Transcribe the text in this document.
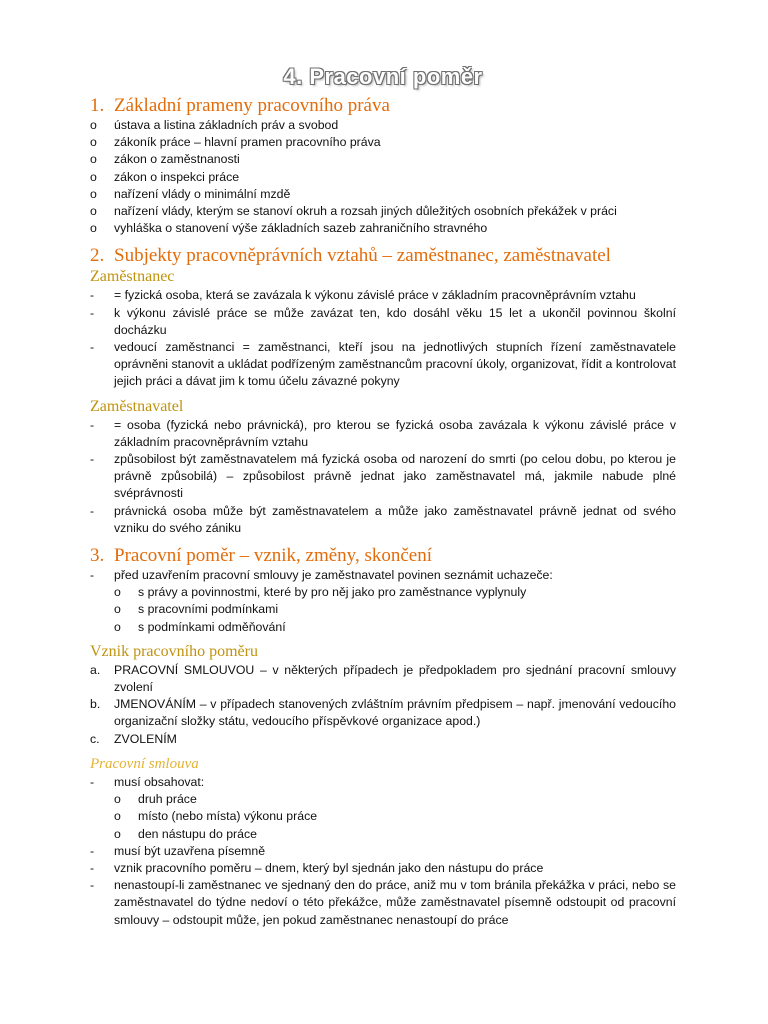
4. Pracovní poměr
1. Základní prameny pracovního práva
o	ústava a listina základních práv a svobod
o	zákoník práce – hlavní pramen pracovního práva
o	zákon o zaměstnanosti
o	zákon o inspekci práce
o	nařízení vlády o minimální mzdě
o	nařízení vlády, kterým se stanoví okruh a rozsah jiných důležitých osobních překážek v práci
o	vyhláška o stanovení výše základních sazeb zahraničního stravného
2. Subjekty pracovněprávních vztahů – zaměstnanec, zaměstnavatel
Zaměstnanec
-	= fyzická osoba, která se zavázala k výkonu závislé práce v základním pracovněprávním vztahu
-	k výkonu závislé práce se může zavázat ten, kdo dosáhl věku 15 let a ukončil povinnou školní docházku
-	vedoucí zaměstnanci = zaměstnanci, kteří jsou na jednotlivých stupních řízení zaměstnavatele oprávněni stanovit a ukládat podřízeným zaměstnancům pracovní úkoly, organizovat, řídit a kontrolovat jejich práci a dávat jim k tomu účelu závazné pokyny
Zaměstnavatel
-	= osoba (fyzická nebo právnická), pro kterou se fyzická osoba zavázala k výkonu závislé práce v základním pracovněprávním vztahu
-	způsobilost být zaměstnavatelem má fyzická osoba od narození do smrti (po celou dobu, po kterou je právně způsobilá) – způsobilost právně jednat jako zaměstnavatel má, jakmile nabude plné svéprávnosti
-	právnická osoba může být zaměstnavatelem a může jako zaměstnavatel právně jednat od svého vzniku do svého zániku
3. Pracovní poměr – vznik, změny, skončení
-	před uzavřením pracovní smlouvy je zaměstnavatel povinen seznámit uchazeče:
o	s právy a povinnostmi, které by pro něj jako pro zaměstnance vyplynuly
o	s pracovními podmínkami
o	s podmínkami odměňování
Vznik pracovního poměru
a.	PRACOVNÍ SMLOUVOU – v některých případech je předpokladem pro sjednání pracovní smlouvy zvolení
b.	JMENOVÁNÍM – v případech stanovených zvláštním právním předpisem – např. jmenování vedoucího organizační složky státu, vedoucího příspěvkové organizace apod.)
c.	ZVOLENÍM
Pracovní smlouva
-	musí obsahovat:
o	druh práce
o	místo (nebo místa) výkonu práce
o	den nástupu do práce
-	musí být uzavřena písemně
-	vznik pracovního poměru – dnem, který byl sjednán jako den nástupu do práce
-	nenastoupí-li zaměstnanec ve sjednaný den do práce, aniž mu v tom bránila překážka v práci, nebo se zaměstnavatel do týdne nedoví o této překážce, může zaměstnavatel písemně odstoupit od pracovní smlouvy – odstoupit může, jen pokud zaměstnanec nenastoupí do práce
